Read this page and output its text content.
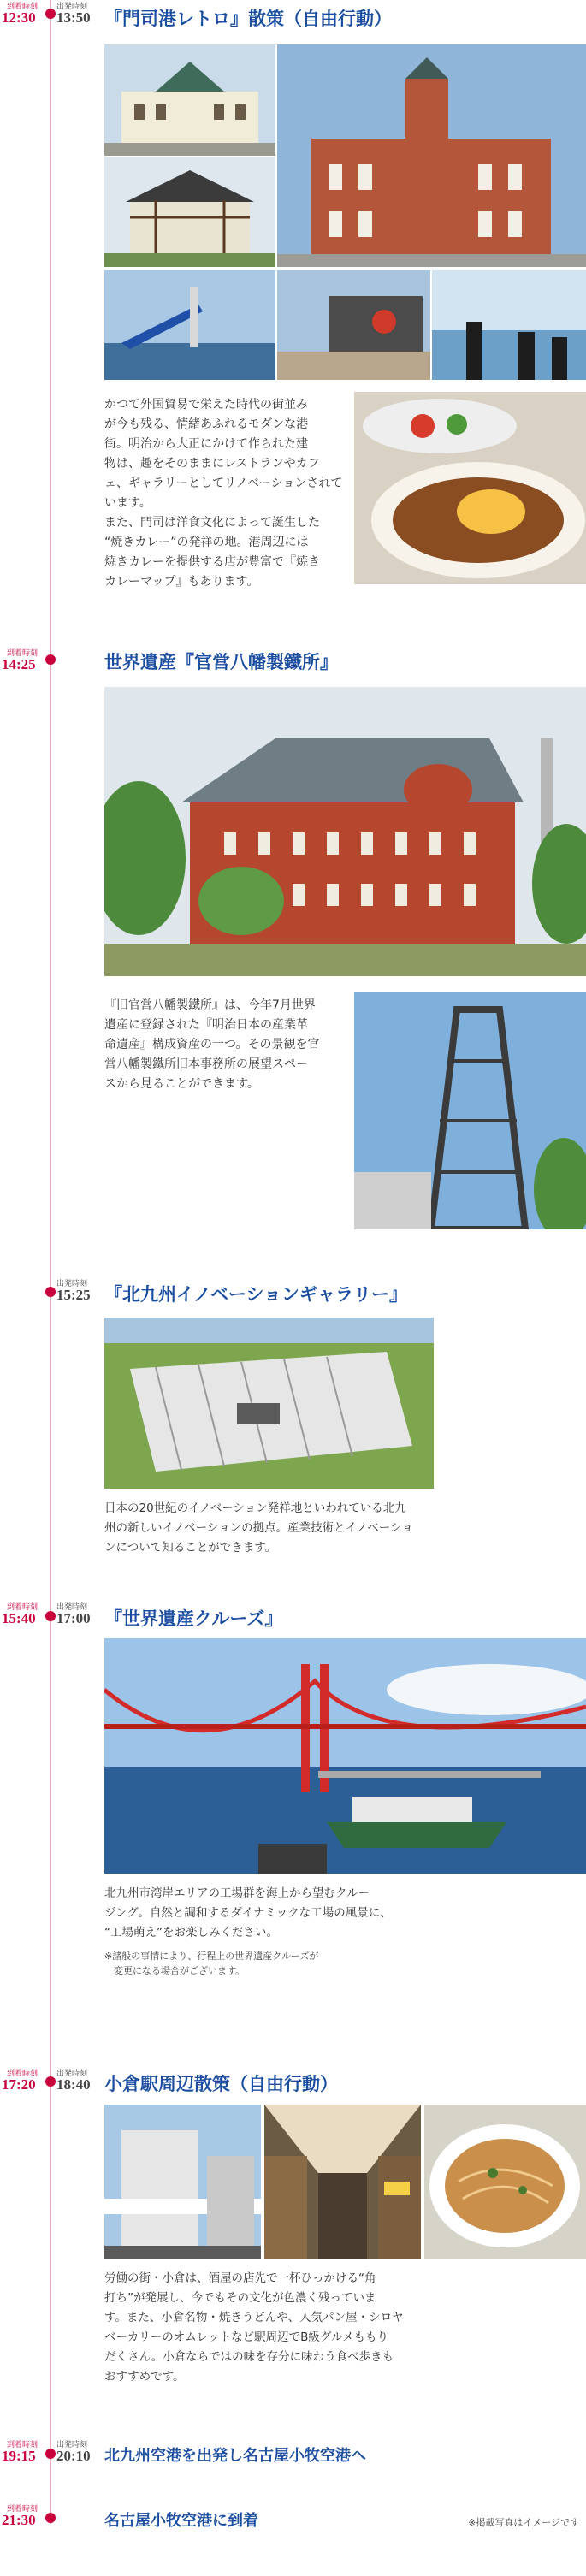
到着時刻
12:30
出発時刻
13:50 『門司港レトロ』散策（自由行動）
かつて外国貿易で栄えた時代の街並み
が今も残る、情緒あふれるモダンな港
街。明治から大正にかけて作られた建
物は、趣をそのままにレストランやカフ
ェ、ギャラリーとしてリノベーションされて
います。
また、門司は洋食文化によって誕生した
“焼きカレー”の発祥の地。港周辺には
焼きカレーを提供する店が豊富で『焼き
カレーマップ』もあります。
到着時刻
14:25	世界遺産『官営八幡製鐵所』
『旧官営八幡製鐵所』は、今年7月世界
遺産に登録された『明治日本の産業革
命遺産』構成資産の一つ。その景観を官
営八幡製鐵所旧本事務所の展望スペー
スから見ることができます。
出発時刻
15:25 『北九州イノベーションギャラリー』
日本の20世紀のイノベーション発祥地といわれている北九
州の新しいイノベーションの拠点。産業技術とイノベーショ
ンについて知ることができます。
到着時刻
15:40
出発時刻
17:00 『世界遺産クルーズ』
北九州市湾岸エリアの工場群を海上から望むクルー
ジング。自然と調和するダイナミックな工場の風景に、
“工場萌え”をお楽しみください。
※諸般の事情により、行程上の世界遺産クルーズが
　変更になる場合がございます。
到着時刻
17:20
出発時刻
18:40 小倉駅周辺散策（自由行動）
労働の街・小倉は、酒屋の店先で一杯ひっかける“角
打ち”が発展し、今でもその文化が色濃く残っていま
す。また、小倉名物・焼きうどんや、人気パン屋・シロヤ
ベーカリーのオムレットなど駅周辺でB級グルメももり
だくさん。小倉ならではの味を存分に味わう食べ歩きも
おすすめです。
到着時刻
19:15
出発時刻
20:10 北九州空港を出発し名古屋小牧空港へ
到着時刻
21:30	名古屋小牧空港に到着	※掲載写真はイメージです
